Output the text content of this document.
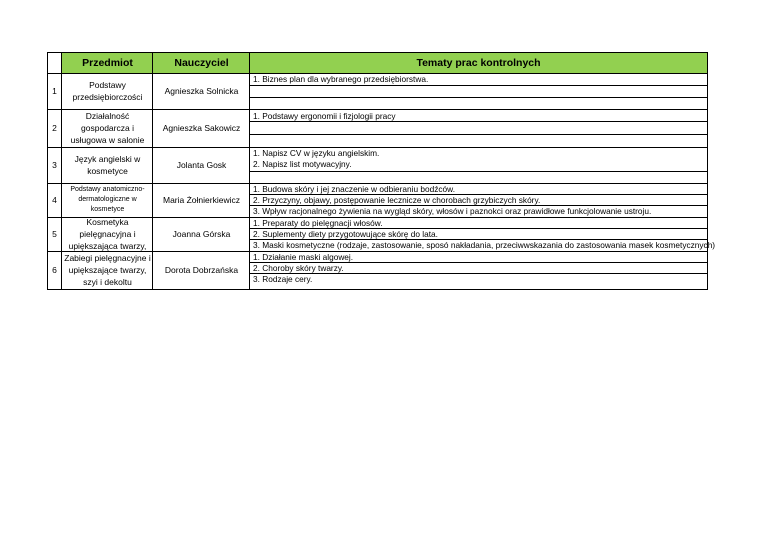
Przedmiot	Nauczyciel	Tematy prac kontrolnych
1
Podstawy przedsiębiorczości
Agnieszka Solnicka
1. Biznes plan dla wybranego przedsiębiorstwa.
2
Działalność gospodarcza i usługowa w salonie
Agnieszka Sakowicz
1. Podstawy ergonomii i fizjologii pracy
3
Język angielski w kosmetyce
Jolanta Gosk
1. Napisz CV w języku angielskim.
2. Napisz list motywacyjny.
4
Podstawy anatomiczno-dermatologiczne w kosmetyce
Maria Żołnierkiewicz
1. Budowa skóry i jej znaczenie w odbieraniu bodźców.
2. Przyczyny, objawy, postępowanie lecznicze w chorobach grzybiczych skóry.
3. Wpływ racjonalnego żywienia na wygląd skóry, włosów i paznokci oraz prawidłowe funkcjolowanie ustroju.
5
Kosmetyka pielęgnacyjna i upiększająca twarzy,
Joanna Górska
1. Preparaty do pielęgnacji włosów.
2. Suplementy diety przygotowujące skórę do lata.
3. Maski kosmetyczne (rodzaje, zastosowanie, sposó nakładania, przeciwwskazania do zastosowania masek kosmetycznych)
6
Zabiegi pielęgnacyjne i upiększające twarzy, szyi i dekoltu
Dorota Dobrzańska
1. Działanie maski algowej.
2. Choroby skóry twarzy.
3. Rodzaje cery.
